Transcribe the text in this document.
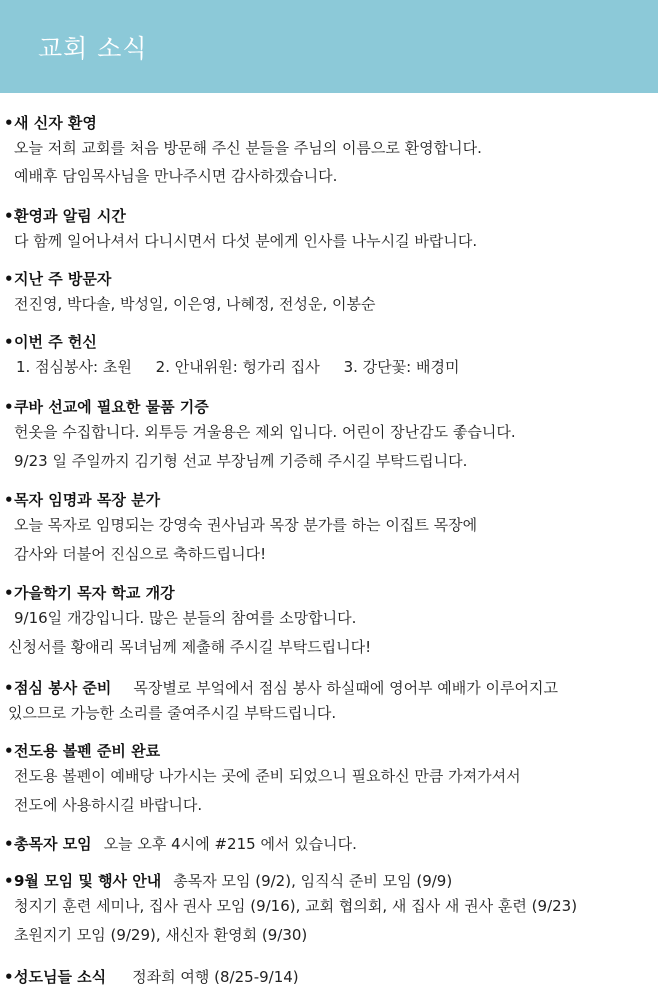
교회 소식
•새 신자 환영
오늘 저희 교회를 처음 방문해 주신 분들을 주님의 이름으로 환영합니다.
예배후 담임목사님을 만나주시면 감사하겠습니다.
•환영과 알림 시간
다 함께 일어나셔서 다니시면서 다섯 분에게 인사를 나누시길 바랍니다.
•지난 주 방문자
전진영, 박다솔, 박성일, 이은영, 나혜정, 전성운, 이봉순
•이번 주 헌신
1. 점심봉사: 초원     2. 안내위원: 헝가리 집사     3. 강단꽃: 배경미
•쿠바 선교에 필요한 물품 기증
헌옷을 수집합니다. 외투등 겨울용은 제외 입니다. 어린이 장난감도 좋습니다.
9/23 일 주일까지 김기형 선교 부장님께 기증해 주시길 부탁드립니다.
•목자 임명과 목장 분가
오늘 목자로 임명되는 강영숙 권사님과 목장 분가를 하는 이집트 목장에
감사와 더불어 진심으로 축하드립니다!
•가을학기 목자 학교 개강
9/16일 개강입니다. 많은 분들의 참여를 소망합니다.
신청서를 황애리 목녀님께 제출해 주시길 부탁드립니다!
•점심 봉사 준비 목장별로 부엌에서 점심 봉사 하실때에 영어부 예배가 이루어지고
있으므로 가능한 소리를 줄여주시길 부탁드립니다.
•전도용 볼펜 준비 완료
전도용 볼펜이 예배당 나가시는 곳에 준비 되었으니 필요하신 만큼 가져가셔서
전도에 사용하시길 바랍니다.
•총목자 모임 오늘 오후 4시에 #215 에서 있습니다.
•9월 모임 및 행사 안내 총목자 모임 (9/2), 임직식 준비 모임 (9/9)
청지기 훈련 세미나, 집사 권사 모임 (9/16), 교회 협의회, 새 집사 새 권사 훈련 (9/23)
초원지기 모임 (9/29), 새신자 환영회 (9/30)
•성도님들 소식 정좌희 여행 (8/25-9/14)
